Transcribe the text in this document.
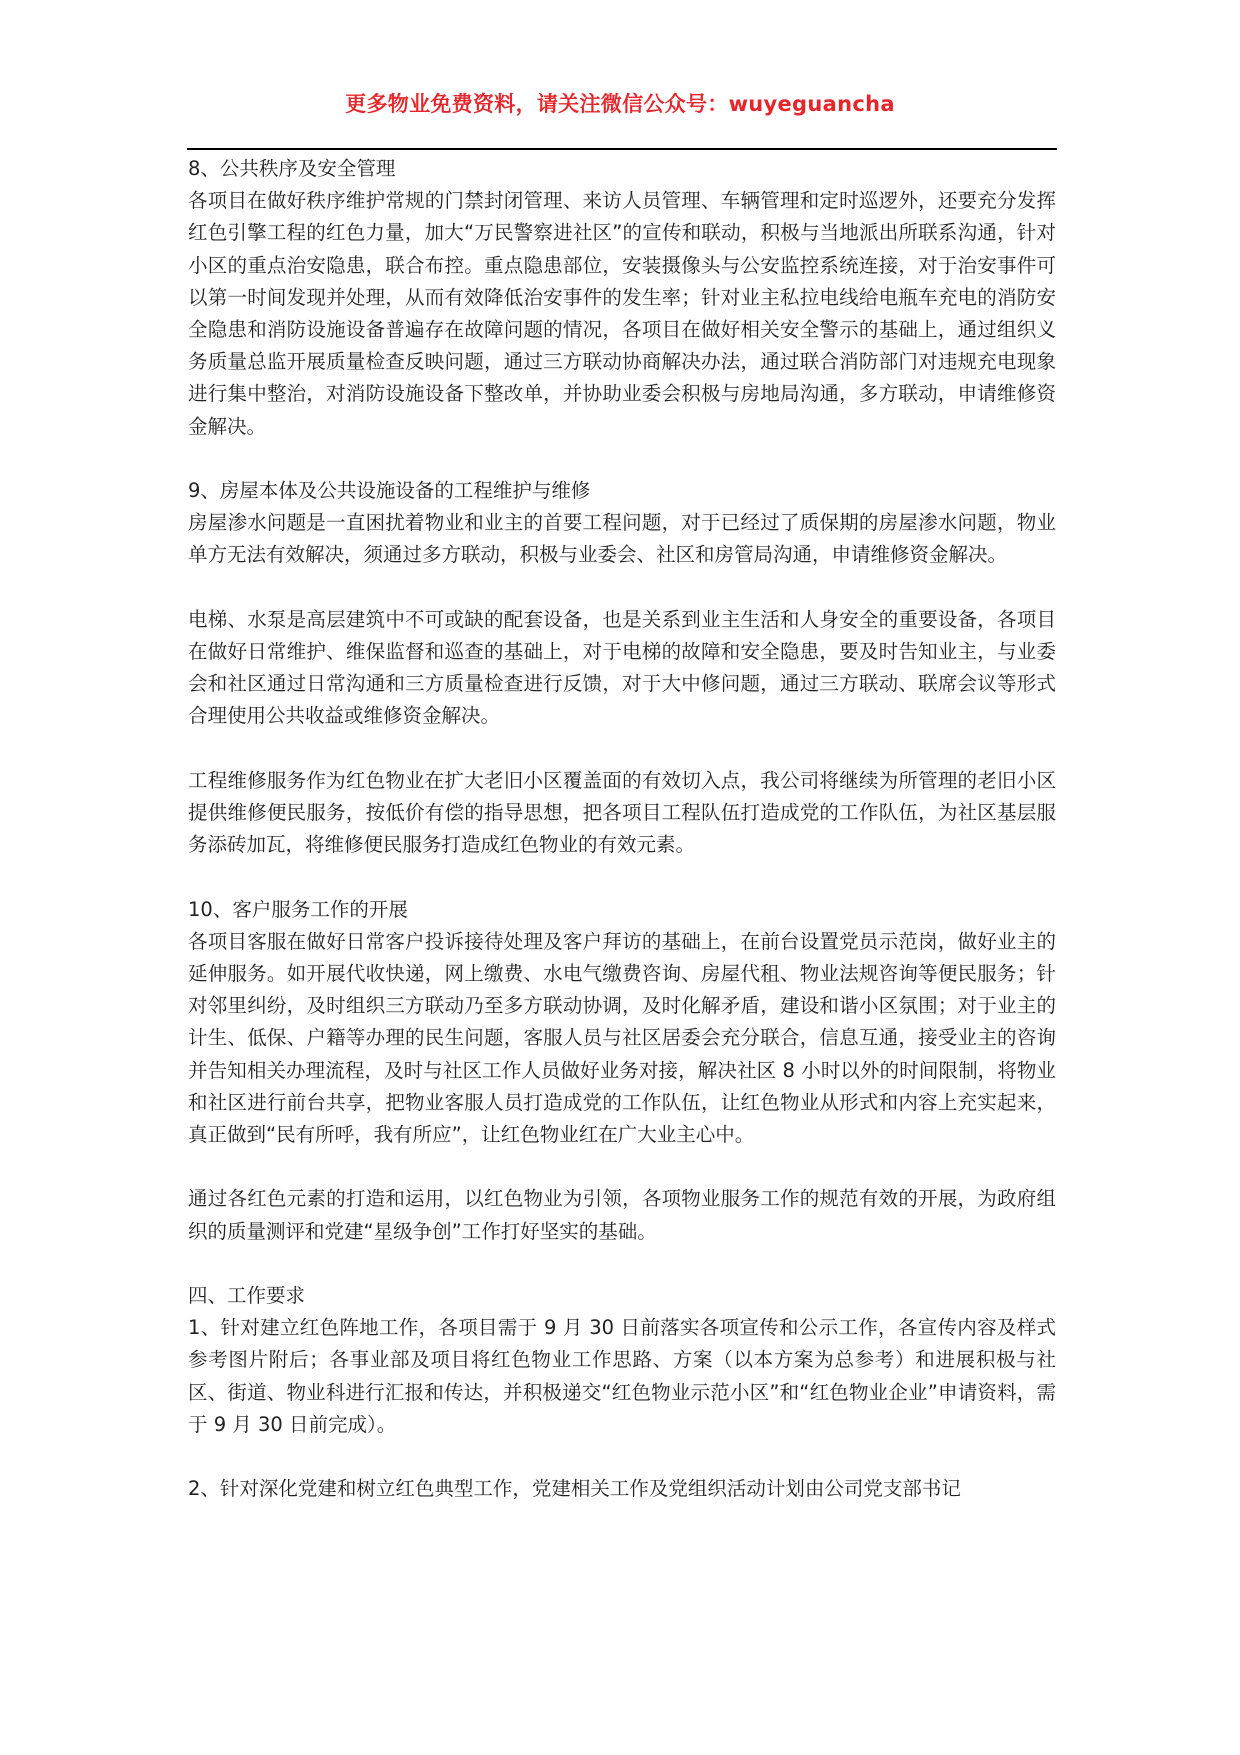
更多物业免费资料，请关注微信公众号：wuyeguancha

8、公共秩序及安全管理

各项目在做好秩序维护常规的门禁封闭管理、来访人员管理、车辆管理和定时巡逻外，还要充分发挥红色引擎工程的红色力量，加大“万民警察进社区”的宣传和联动，积极与当地派出所联系沟通，针对小区的重点治安隐患，联合布控。重点隐患部位，安装摄像头与公安监控系统连接，对于治安事件可以第一时间发现并处理，从而有效降低治安事件的发生率；针对业主私拉电线给电瓶车充电的消防安全隐患和消防设施设备普遍存在故障问题的情况，各项目在做好相关安全警示的基础上，通过组织义务质量总监开展质量检查反映问题，通过三方联动协商解决办法，通过联合消防部门对违规充电现象进行集中整治，对消防设施设备下整改单，并协助业委会积极与房地局沟通，多方联动，申请维修资金解决。

9、房屋本体及公共设施设备的工程维护与维修

房屋渗水问题是一直困扰着物业和业主的首要工程问题，对于已经过了质保期的房屋渗水问题，物业单方无法有效解决，须通过多方联动，积极与业委会、社区和房管局沟通，申请维修资金解决。

电梯、水泵是高层建筑中不可或缺的配套设备，也是关系到业主生活和人身安全的重要设备，各项目在做好日常维护、维保监督和巡查的基础上，对于电梯的故障和安全隐患，要及时告知业主，与业委会和社区通过日常沟通和三方质量检查进行反馈，对于大中修问题，通过三方联动、联席会议等形式合理使用公共收益或维修资金解决。

工程维修服务作为红色物业在扩大老旧小区覆盖面的有效切入点，我公司将继续为所管理的老旧小区提供维修便民服务，按低价有偿的指导思想，把各项目工程队伍打造成党的工作队伍，为社区基层服务添砖加瓦，将维修便民服务打造成红色物业的有效元素。

10、客户服务工作的开展

各项目客服在做好日常客户投诉接待处理及客户拜访的基础上，在前台设置党员示范岗，做好业主的延伸服务。如开展代收快递，网上缴费、水电气缴费咨询、房屋代租、物业法规咨询等便民服务；针对邻里纠纷，及时组织三方联动乃至多方联动协调，及时化解矛盾，建设和谐小区氛围；对于业主的计生、低保、户籍等办理的民生问题，客服人员与社区居委会充分联合，信息互通，接受业主的咨询并告知相关办理流程，及时与社区工作人员做好业务对接，解决社区 8 小时以外的时间限制，将物业和社区进行前台共享，把物业客服人员打造成党的工作队伍，让红色物业从形式和内容上充实起来，真正做到“民有所呼，我有所应”，让红色物业红在广大业主心中。

通过各红色元素的打造和运用，以红色物业为引领，各项物业服务工作的规范有效的开展，为政府组织的质量测评和党建“星级争创”工作打好坚实的基础。

四、工作要求

1、针对建立红色阵地工作，各项目需于 9 月 30 日前落实各项宣传和公示工作，各宣传内容及样式参考图片附后；各事业部及项目将红色物业工作思路、方案（以本方案为总参考）和进展积极与社区、街道、物业科进行汇报和传达，并积极递交“红色物业示范小区”和“红色物业企业”申请资料，需于 9 月 30 日前完成）。

2、针对深化党建和树立红色典型工作，党建相关工作及党组织活动计划由公司党支部书记
